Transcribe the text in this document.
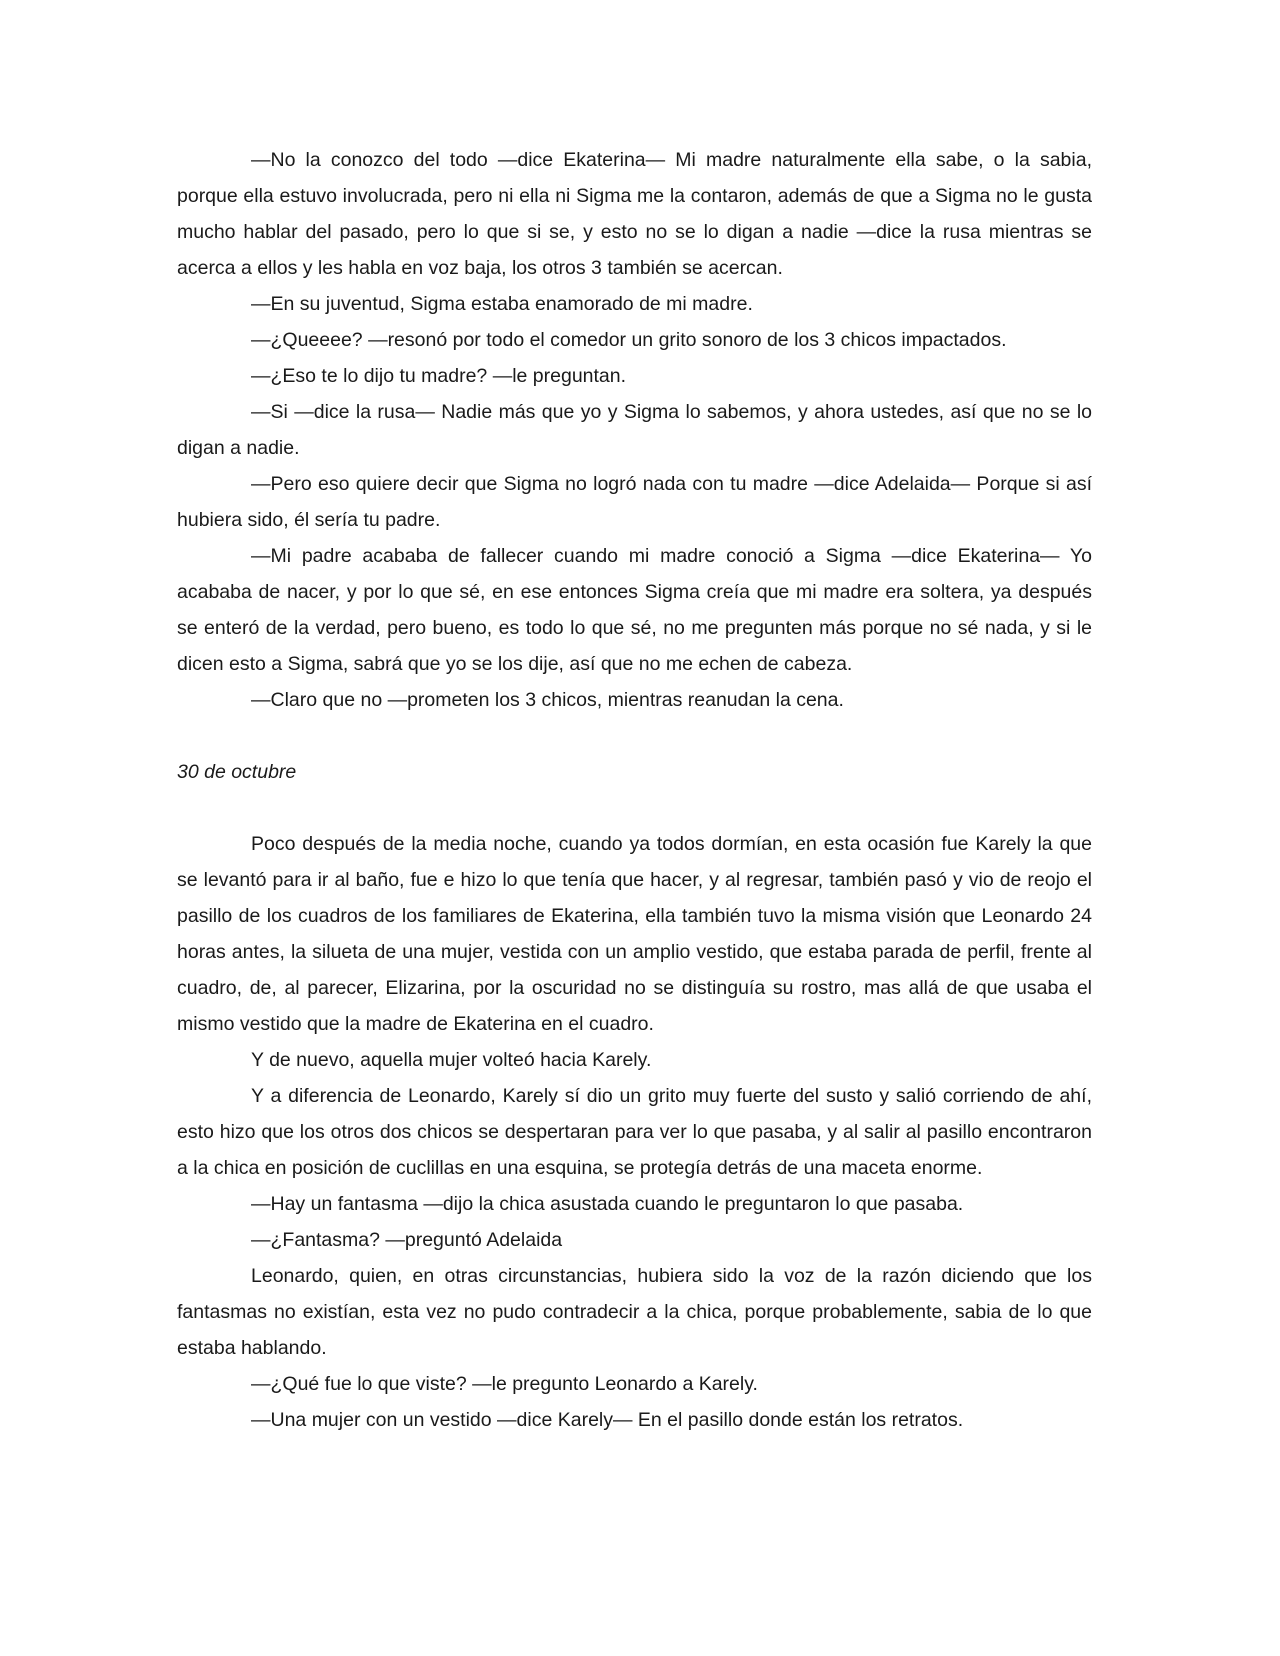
—No la conozco del todo —dice Ekaterina— Mi madre naturalmente ella sabe, o la sabia, porque ella estuvo involucrada, pero ni ella ni Sigma me la contaron, además de que a Sigma no le gusta mucho hablar del pasado, pero lo que si se, y esto no se lo digan a nadie —dice la rusa mientras se acerca a ellos y les habla en voz baja, los otros 3 también se acercan.

—En su juventud, Sigma estaba enamorado de mi madre.

—¿Queeee? —resonó por todo el comedor un grito sonoro de los 3 chicos impactados.

—¿Eso te lo dijo tu madre? —le preguntan.

—Si —dice la rusa— Nadie más que yo y Sigma lo sabemos, y ahora ustedes, así que no se lo digan a nadie.

—Pero eso quiere decir que Sigma no logró nada con tu madre —dice Adelaida— Porque si así hubiera sido, él sería tu padre.

—Mi padre acababa de fallecer cuando mi madre conoció a Sigma —dice Ekaterina— Yo acababa de nacer, y por lo que sé, en ese entonces Sigma creía que mi madre era soltera, ya después se enteró de la verdad, pero bueno, es todo lo que sé, no me pregunten más porque no sé nada, y si le dicen esto a Sigma, sabrá que yo se los dije, así que no me echen de cabeza.

—Claro que no —prometen los 3 chicos, mientras reanudan la cena.

30 de octubre

Poco después de la media noche, cuando ya todos dormían, en esta ocasión fue Karely la que se levantó para ir al baño, fue e hizo lo que tenía que hacer, y al regresar, también pasó y vio de reojo el pasillo de los cuadros de los familiares de Ekaterina, ella también tuvo la misma visión que Leonardo 24 horas antes, la silueta de una mujer, vestida con un amplio vestido, que estaba parada de perfil, frente al cuadro, de, al parecer, Elizarina, por la oscuridad no se distinguía su rostro, mas allá de que usaba el mismo vestido que la madre de Ekaterina en el cuadro.

Y de nuevo, aquella mujer volteó hacia Karely.

Y a diferencia de Leonardo, Karely sí dio un grito muy fuerte del susto y salió corriendo de ahí, esto hizo que los otros dos chicos se despertaran para ver lo que pasaba, y al salir al pasillo encontraron a la chica en posición de cuclillas en una esquina, se protegía detrás de una maceta enorme.

—Hay un fantasma —dijo la chica asustada cuando le preguntaron lo que pasaba.

—¿Fantasma? —preguntó Adelaida

Leonardo, quien, en otras circunstancias, hubiera sido la voz de la razón diciendo que los fantasmas no existían, esta vez no pudo contradecir a la chica, porque probablemente, sabia de lo que estaba hablando.

—¿Qué fue lo que viste? —le pregunto Leonardo a Karely.

—Una mujer con un vestido —dice Karely— En el pasillo donde están los retratos.
